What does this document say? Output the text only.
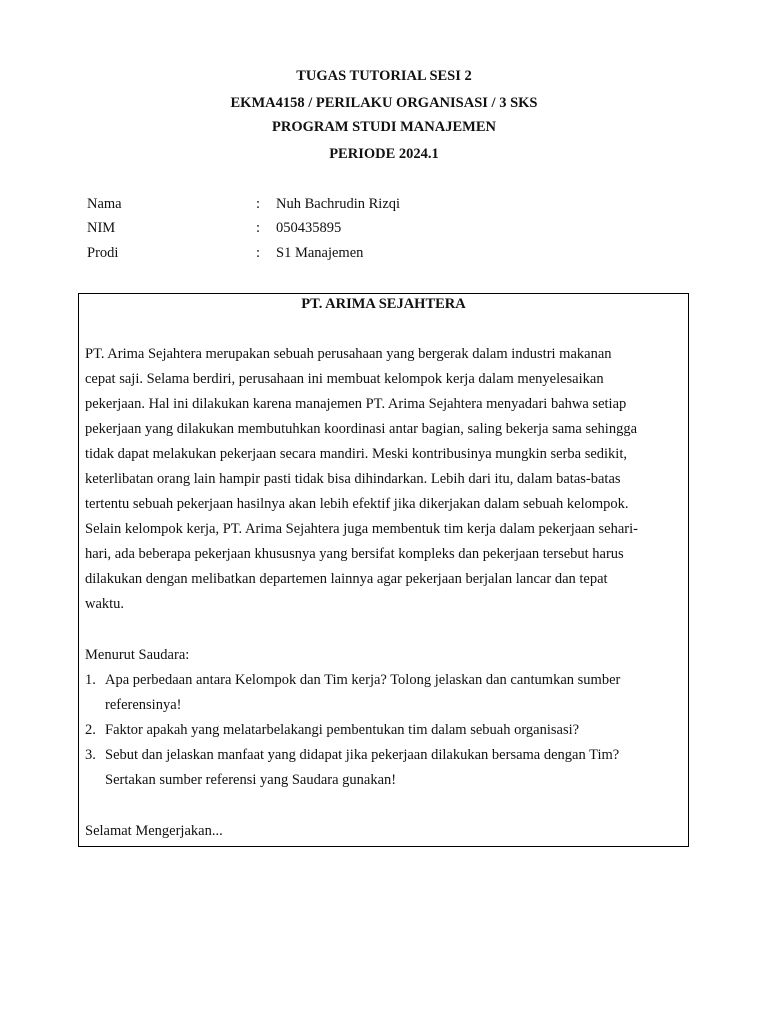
TUGAS TUTORIAL SESI 2
EKMA4158 / PERILAKU ORGANISASI / 3 SKS
PROGRAM STUDI MANAJEMEN
PERIODE 2024.1
Nama	: Nuh Bachrudin Rizqi
NIM	: 050435895
Prodi	: S1 Manajemen
PT. ARIMA SEJAHTERA
PT. Arima Sejahtera merupakan sebuah perusahaan yang bergerak dalam industri makanan
cepat saji. Selama berdiri, perusahaan ini membuat kelompok kerja dalam menyelesaikan
pekerjaan. Hal ini dilakukan karena manajemen PT. Arima Sejahtera menyadari bahwa setiap
pekerjaan yang dilakukan membutuhkan koordinasi antar bagian, saling bekerja sama sehingga
tidak dapat melakukan pekerjaan secara mandiri. Meski kontribusinya mungkin serba sedikit,
keterlibatan orang lain hampir pasti tidak bisa dihindarkan. Lebih dari itu, dalam batas-batas
tertentu sebuah pekerjaan hasilnya akan lebih efektif jika dikerjakan dalam sebuah kelompok.
Selain kelompok kerja, PT. Arima Sejahtera juga membentuk tim kerja dalam pekerjaan sehari-
hari, ada beberapa pekerjaan khususnya yang bersifat kompleks dan pekerjaan tersebut harus
dilakukan dengan melibatkan departemen lainnya agar pekerjaan berjalan lancar dan tepat
waktu.
Menurut Saudara:
1. Apa perbedaan antara Kelompok dan Tim kerja? Tolong jelaskan dan cantumkan sumber
referensinya!
2. Faktor apakah yang melatarbelakangi pembentukan tim dalam sebuah organisasi?
3. Sebut dan jelaskan manfaat yang didapat jika pekerjaan dilakukan bersama dengan Tim?
Sertakan sumber referensi yang Saudara gunakan!
Selamat Mengerjakan...
